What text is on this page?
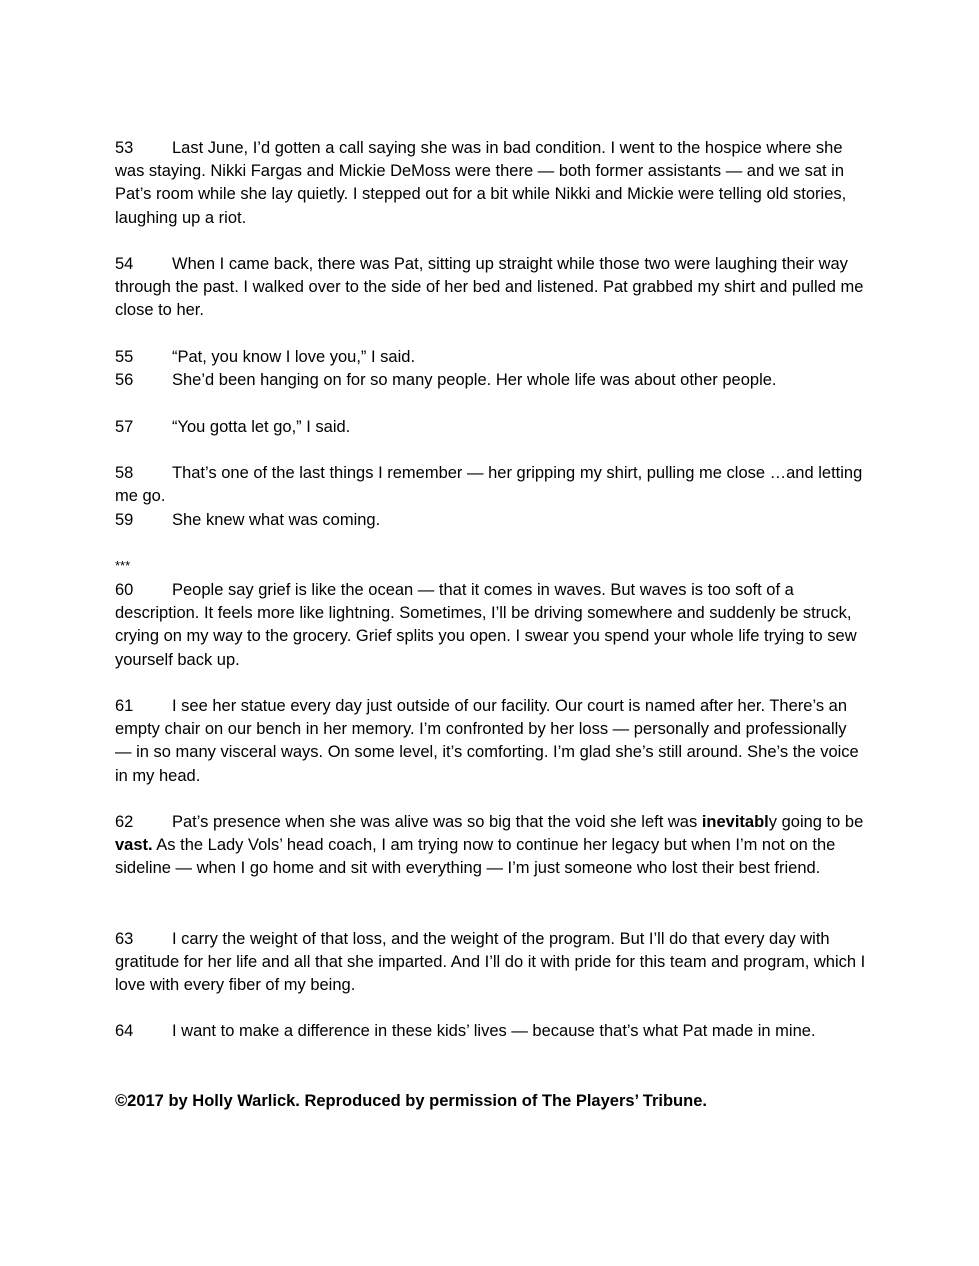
53 Last June, I’d gotten a call saying she was in bad condition. I went to the hospice where she was staying. Nikki Fargas and Mickie DeMoss were there — both former assistants — and we sat in Pat’s room while she lay quietly. I stepped out for a bit while Nikki and Mickie were telling old stories, laughing up a riot.

54 When I came back, there was Pat, sitting up straight while those two were laughing their way through the past. I walked over to the side of her bed and listened. Pat grabbed my shirt and pulled me close to her.

55 “Pat, you know I love you,” I said.

56 She’d been hanging on for so many people. Her whole life was about other people.

57 “You gotta let go,” I said.

58 That’s one of the last things I remember — her gripping my shirt, pulling me close …and letting me go.

59 She knew what was coming.

***

60 People say grief is like the ocean — that it comes in waves. But waves is too soft of a description. It feels more like lightning. Sometimes, I’ll be driving somewhere and suddenly be struck, crying on my way to the grocery. Grief splits you open. I swear you spend your whole life trying to sew yourself back up.

61 I see her statue every day just outside of our facility. Our court is named after her. There’s an empty chair on our bench in her memory. I’m confronted by her loss — personally and professionally — in so many visceral ways. On some level, it’s comforting. I’m glad she’s still around. She’s the voice in my head.

62 Pat’s presence when she was alive was so big that the void she left was inevitably going to be vast. As the Lady Vols’ head coach, I am trying now to continue her legacy but when I’m not on the sideline — when I go home and sit with everything — I’m just someone who lost their best friend.

63 I carry the weight of that loss, and the weight of the program. But I’ll do that every day with gratitude for her life and all that she imparted. And I’ll do it with pride for this team and program, which I love with every fiber of my being.

64 I want to make a difference in these kids’ lives — because that’s what Pat made in mine.

©2017 by Holly Warlick. Reproduced by permission of The Players’ Tribune.
